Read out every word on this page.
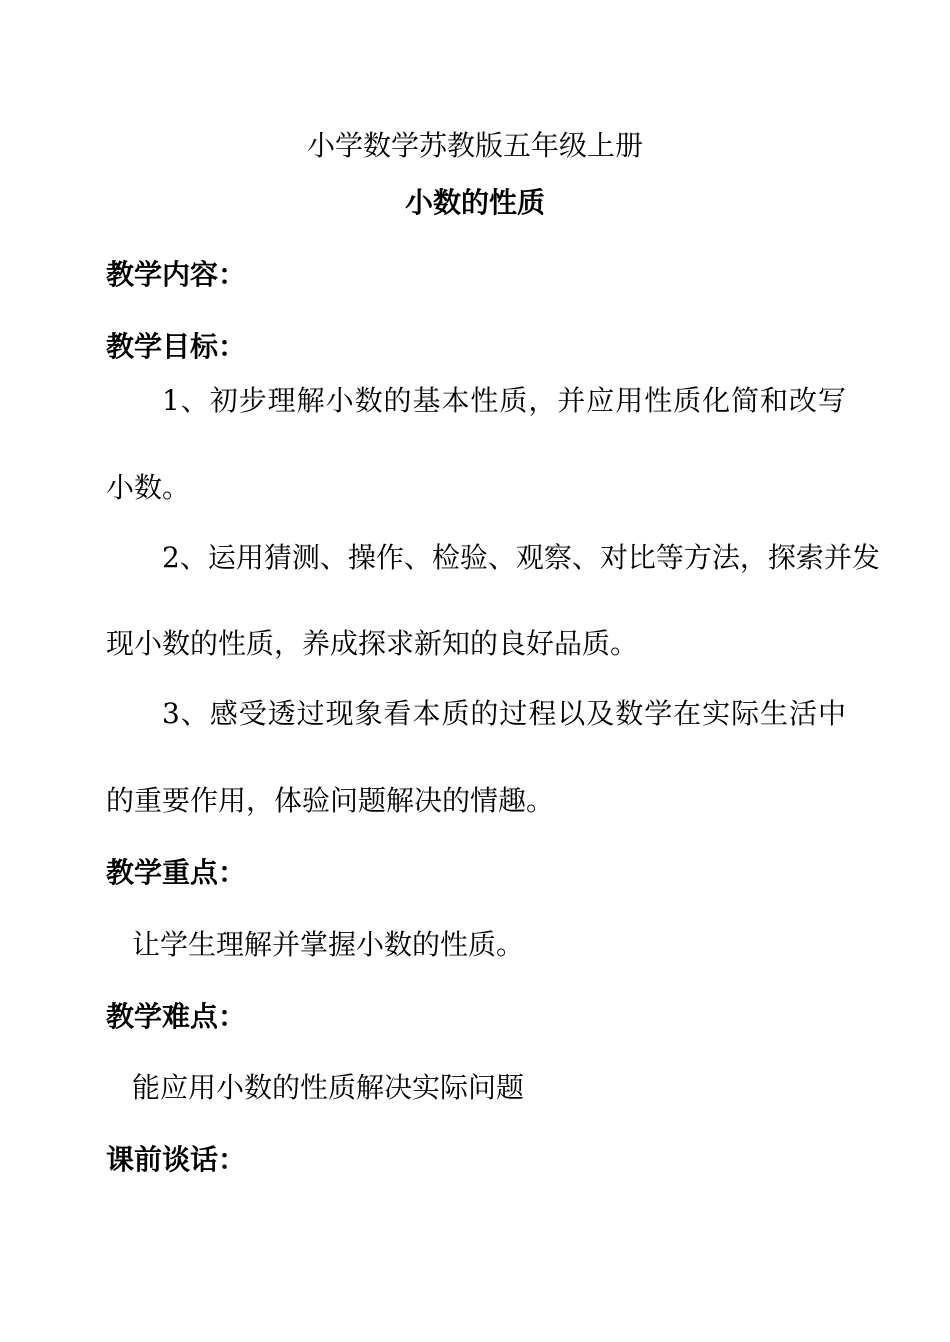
小学数学苏教版五年级上册
小数的性质
教学内容：
教学目标：
1、初步理解小数的基本性质，并应用性质化简和改写
小数。
2、运用猜测、操作、检验、观察、对比等方法，探索并发
现小数的性质，养成探求新知的良好品质。
3、感受透过现象看本质的过程以及数学在实际生活中
的重要作用，体验问题解决的情趣。
教学重点：
让学生理解并掌握小数的性质。
教学难点：
能应用小数的性质解决实际问题
课前谈话：
